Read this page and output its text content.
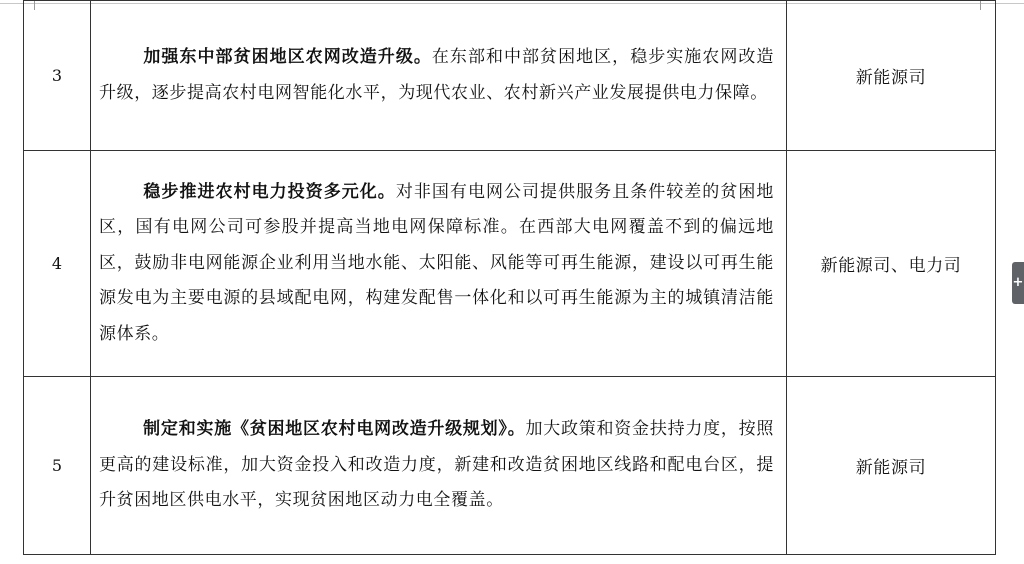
3	加强东中部贫困地区农网改造升级。在东部和中部贫困地区，稳步实施农网改造升级，逐步提高农村电网智能化水平，为现代农业、农村新兴产业发展提供电力保障。	新能源司
4	稳步推进农村电力投资多元化。对非国有电网公司提供服务且条件较差的贫困地区，国有电网公司可参股并提高当地电网保障标准。在西部大电网覆盖不到的偏远地区，鼓励非电网能源企业利用当地水能、太阳能、风能等可再生能源，建设以可再生能源发电为主要电源的县域配电网，构建发配售一体化和以可再生能源为主的城镇清洁能源体系。	新能源司、电力司
5	制定和实施《贫困地区农村电网改造升级规划》。加大政策和资金扶持力度，按照更高的建设标准，加大资金投入和改造力度，新建和改造贫困地区线路和配电台区，提升贫困地区供电水平，实现贫困地区动力电全覆盖。	新能源司
+
